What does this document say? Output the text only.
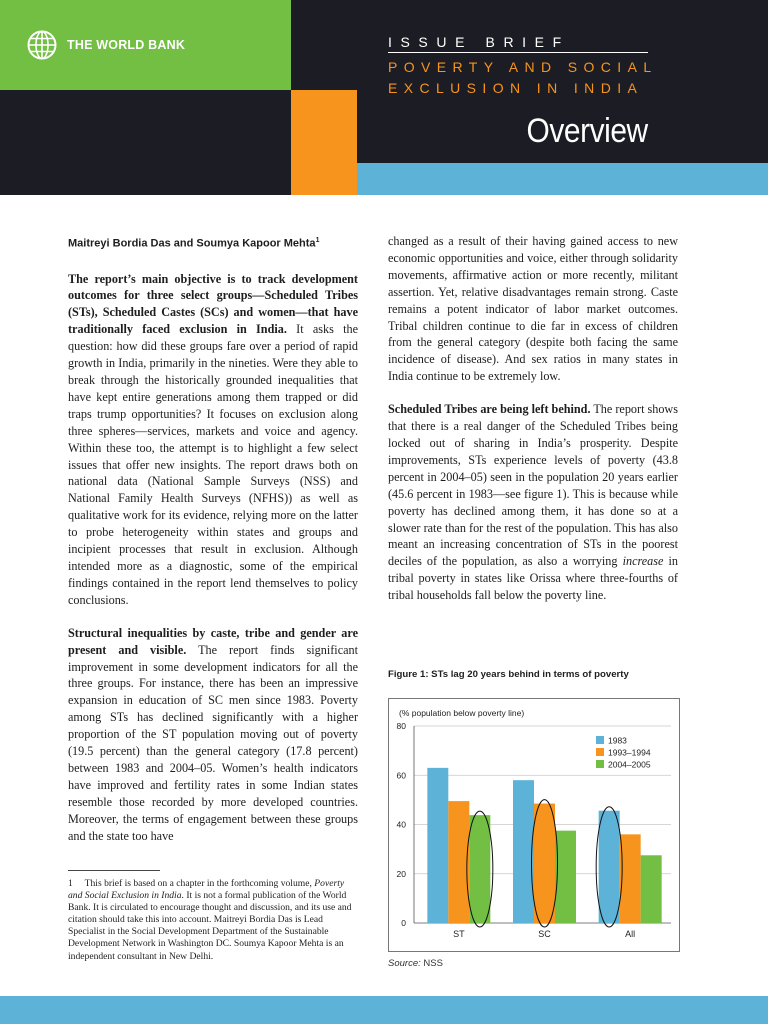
THE WORLD BANK	ISSUE BRIEF
POVERTY AND SOCIAL
EXCLUSION IN INDIA
Overview

Maitreyi Bordia Das and Soumya Kapoor Mehta$^1$

The report’s main objective is to track development outcomes for three select groups—Scheduled Tribes (STs), Scheduled Castes (SCs) and women—that have traditionally faced exclusion in India. It asks the question: how did these groups fare over a period of rapid growth in India, primarily in the nineties. Were they able to break through the historically grounded inequalities that have kept entire generations among them trapped or did traps trump opportunities? It focuses on exclusion along three spheres—services, markets and voice and agency. Within these too, the attempt is to highlight a few select issues that offer new insights. The report draws both on national data (National Sample Surveys (NSS) and National Family Health Surveys (NFHS)) as well as qualitative work for its evidence, relying more on the latter to probe heterogeneity within states and groups and incipient processes that result in exclusion. Although intended more as a diagnostic, some of the empirical findings contained in the report lend themselves to policy conclusions.

Structural inequalities by caste, tribe and gender are present and visible. The report finds significant improvement in some development indicators for all the three groups. For instance, there has been an impressive expansion in education of SC men since 1983. Poverty among STs has declined significantly with a higher proportion of the ST population moving out of poverty (19.5 percent) than the general category (17.8 percent) between 1983 and 2004–05. Women’s health indicators have improved and fertility rates in some Indian states resemble those recorded by more developed countries. Moreover, the terms of engagement between these groups and the state too have

1     This brief is based on a chapter in the forthcoming volume, Poverty and Social Exclusion in India. It is not a formal publication of the World Bank. It is circulated to encourage thought and discussion, and its use and citation should take this into account. Maitreyi Bordia Das is Lead Specialist in the Social Development Department of the Sustainable Development Network in Washington DC. Soumya Kapoor Mehta is an independent consultant in New Delhi.

changed as a result of their having gained access to new economic opportunities and voice, either through solidarity movements, affirmative action or more recently, militant assertion. Yet, relative disadvantages remain strong. Caste remains a potent indicator of labor market outcomes. Tribal children continue to die far in excess of children from the general category (despite both facing the same incidence of disease). And sex ratios in many states in India continue to be extremely low.

Scheduled Tribes are being left behind. The report shows that there is a real danger of the Scheduled Tribes being locked out of sharing in India’s prosperity. Despite improvements, STs experience levels of poverty (43.8 percent in 2004–05) seen in the population 20 years earlier (45.6 percent in 1983—see figure 1). This is because while poverty has declined among them, it has done so at a slower rate than for the rest of the population. This has also meant an increasing concentration of STs in the poorest deciles of the population, as also a worrying increase in tribal poverty in states like Orissa where three-fourths of tribal households fall below the poverty line.

Figure 1: STs lag 20 years behind in terms of poverty
(% population below poverty line)
0
20
40
60
80
ST	SC	All
1983
1993–1994
2004–2005
Source: NSS
